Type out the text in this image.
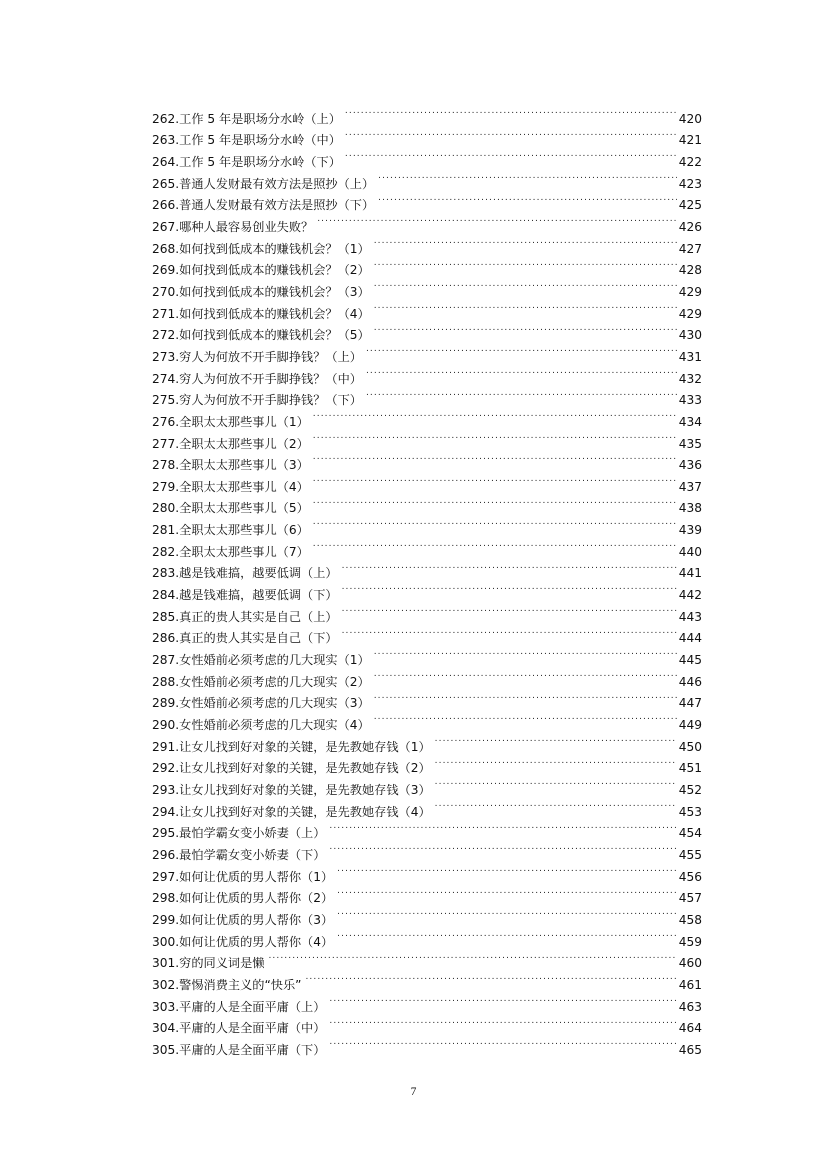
262. 工作 5 年是职场分水岭（上） .....	420
263. 工作 5 年是职场分水岭（中） .....	421
264. 工作 5 年是职场分水岭（下） .....	422
265. 普通人发财最有效方法是照抄（上） .....	423
266. 普通人发财最有效方法是照抄（下） .....	425
267. 哪种人最容易创业失败？ .....	426
268. 如何找到低成本的赚钱机会？（1） .....	427
269. 如何找到低成本的赚钱机会？（2） .....	428
270. 如何找到低成本的赚钱机会？（3） .....	429
271. 如何找到低成本的赚钱机会？（4） .....	429
272. 如何找到低成本的赚钱机会？（5） .....	430
273. 穷人为何放不开手脚挣钱？（上） .....	431
274. 穷人为何放不开手脚挣钱？（中） .....	432
275. 穷人为何放不开手脚挣钱？（下） .....	433
276. 全职太太那些事儿（1） .....	434
277. 全职太太那些事儿（2） .....	435
278. 全职太太那些事儿（3） .....	436
279. 全职太太那些事儿（4） .....	437
280. 全职太太那些事儿（5） .....	438
281. 全职太太那些事儿（6） .....	439
282. 全职太太那些事儿（7） .....	440
283. 越是钱难搞，越要低调（上） .....	441
284. 越是钱难搞，越要低调（下） .....	442
285. 真正的贵人其实是自己（上） .....	443
286. 真正的贵人其实是自己（下） .....	444
287. 女性婚前必须考虑的几大现实（1） .....	445
288. 女性婚前必须考虑的几大现实（2） .....	446
289. 女性婚前必须考虑的几大现实（3） .....	447
290. 女性婚前必须考虑的几大现实（4） .....	449
291. 让女儿找到好对象的关键，是先教她存钱（1） .....	450
292. 让女儿找到好对象的关键，是先教她存钱（2） .....	451
293. 让女儿找到好对象的关键，是先教她存钱（3） .....	452
294. 让女儿找到好对象的关键，是先教她存钱（4） .....	453
295. 最怕学霸女变小娇妻（上） .....	454
296. 最怕学霸女变小娇妻（下） .....	455
297. 如何让优质的男人帮你（1） .....	456
298. 如何让优质的男人帮你（2） .....	457
299. 如何让优质的男人帮你（3） .....	458
300. 如何让优质的男人帮你（4） .....	459
301. 穷的同义词是懒 .....	460
302. 警惕消费主义的“快乐” .....	461
303. 平庸的人是全面平庸（上） .....	463
304. 平庸的人是全面平庸（中） .....	464
305. 平庸的人是全面平庸（下） .....	465
7
